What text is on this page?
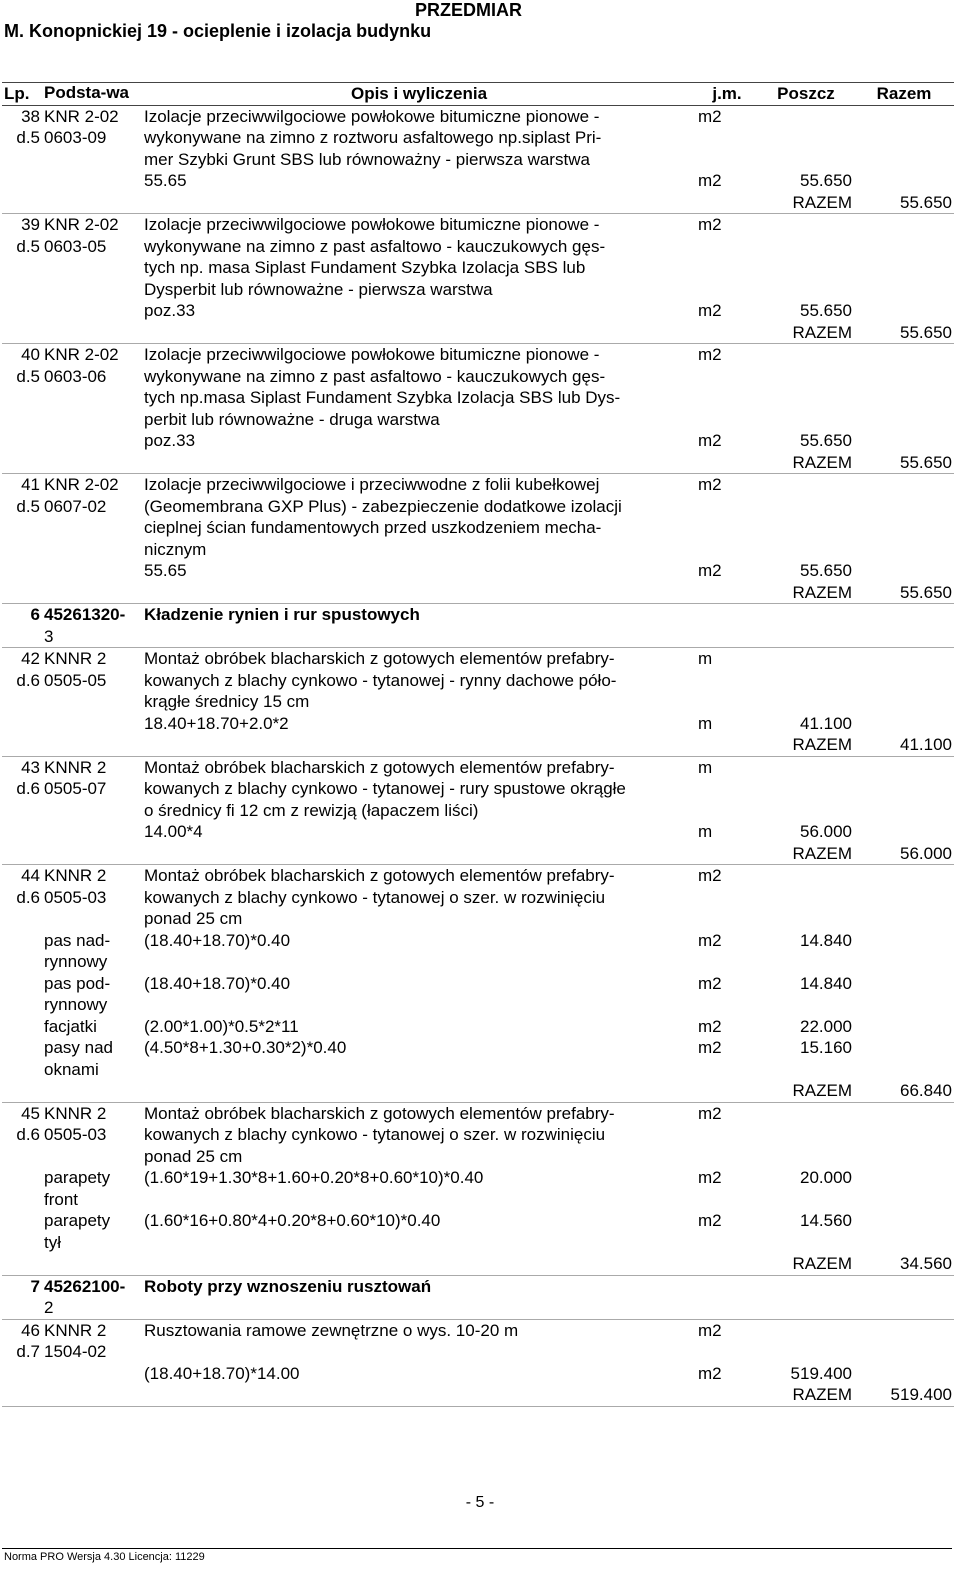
PRZEDMIAR
M. Konopnickiej 19 - ocieplenie i izolacja budynku
Lp.	Podsta-wa	Opis i wyliczenia	j.m.	Poszcz	Razem
38	KNR 2-02	Izolacje przeciwwilgociowe powłokowe bitumiczne pionowe -	m2		
d.5	0603-09	wykonywane na zimno z roztworu asfaltowego np.siplast Pri-			
		mer Szybki Grunt SBS lub równoważny - pierwsza warstwa			
		55.65	m2	55.650	
				RAZEM	55.650
39	KNR 2-02	Izolacje przeciwwilgociowe powłokowe bitumiczne pionowe -	m2		
d.5	0603-05	wykonywane na zimno z past asfaltowo - kauczukowych gęs-			
		tych np. masa Siplast Fundament Szybka Izolacja SBS lub			
		Dysperbit lub równoważne - pierwsza warstwa			
		poz.33	m2	55.650	
				RAZEM	55.650
40	KNR 2-02	Izolacje przeciwwilgociowe powłokowe bitumiczne pionowe -	m2		
d.5	0603-06	wykonywane na zimno z past asfaltowo - kauczukowych gęs-			
		tych np.masa Siplast Fundament Szybka Izolacja SBS lub Dys-			
		perbit lub równoważne - druga warstwa			
		poz.33	m2	55.650	
				RAZEM	55.650
41	KNR 2-02	Izolacje przeciwwilgociowe i przeciwwodne z folii kubełkowej	m2		
d.5	0607-02	(Geomembrana GXP Plus) - zabezpieczenie dodatkowe izolacji			
		cieplnej ścian fundamentowych przed uszkodzeniem mecha-			
		nicznym			
		55.65	m2	55.650	
				RAZEM	55.650
6	45261320-	Kładzenie rynien i rur spustowych			
	3				
42	KNNR 2	Montaż obróbek blacharskich z gotowych elementów prefabry-	m		
d.6	0505-05	kowanych z blachy cynkowo - tytanowej - rynny dachowe póło-			
		krągłe średnicy 15 cm			
		18.40+18.70+2.0*2	m	41.100	
				RAZEM	41.100
43	KNNR 2	Montaż obróbek blacharskich z gotowych elementów prefabry-	m		
d.6	0505-07	kowanych z blachy cynkowo - tytanowej - rury spustowe okrągłe			
		o średnicy fi 12 cm z rewizją (łapaczem liści)			
		14.00*4	m	56.000	
				RAZEM	56.000
44	KNNR 2	Montaż obróbek blacharskich z gotowych elementów prefabry-	m2		
d.6	0505-03	kowanych z blachy cynkowo - tytanowej o szer. w rozwinięciu			
		ponad 25 cm			
	pas nad-	(18.40+18.70)*0.40	m2	14.840	
	rynnowy				
	pas pod-	(18.40+18.70)*0.40	m2	14.840	
	rynnowy				
	facjatki	(2.00*1.00)*0.5*2*11	m2	22.000	
	pasy nad	(4.50*8+1.30+0.30*2)*0.40	m2	15.160	
	oknami				
				RAZEM	66.840
45	KNNR 2	Montaż obróbek blacharskich z gotowych elementów prefabry-	m2		
d.6	0505-03	kowanych z blachy cynkowo - tytanowej o szer. w rozwinięciu			
		ponad 25 cm			
	parapety	(1.60*19+1.30*8+1.60+0.20*8+0.60*10)*0.40	m2	20.000	
	front				
	parapety	(1.60*16+0.80*4+0.20*8+0.60*10)*0.40	m2	14.560	
	tył				
				RAZEM	34.560
7	45262100-	Roboty przy wznoszeniu rusztowań			
	2				
46	KNNR 2	Rusztowania ramowe zewnętrzne o wys. 10-20 m	m2		
d.7	1504-02				
		(18.40+18.70)*14.00	m2	519.400	
				RAZEM	519.400
- 5 -
Norma PRO Wersja 4.30 Licencja: 11229
